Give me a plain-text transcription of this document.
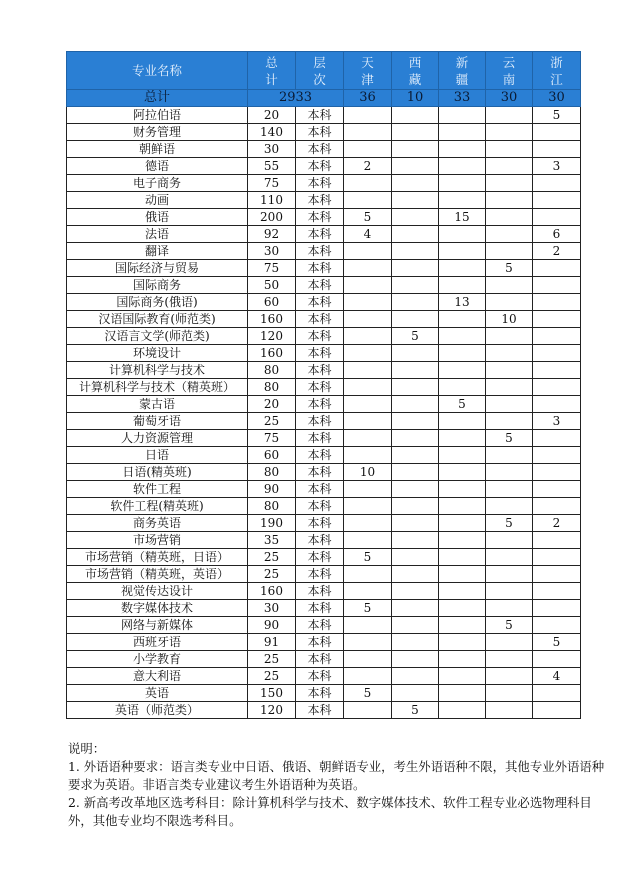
专业名称	总计	层次	天津	西藏	新疆	云南	浙江

总计	2933		36	10	33	30	30
阿拉伯语	20	本科					5
财务管理	140	本科					
朝鲜语	30	本科					
德语	55	本科	2				3
电子商务	75	本科					
动画	110	本科					
俄语	200	本科	5		15		
法语	92	本科	4				6
翻译	30	本科					2
国际经济与贸易	75	本科				5	
国际商务	50	本科					
国际商务(俄语)	60	本科			13		
汉语国际教育(师范类)	160	本科				10	
汉语言文学(师范类)	120	本科		5			
环境设计	160	本科					
计算机科学与技术	80	本科					
计算机科学与技术（精英班）	80	本科					
蒙古语	20	本科			5		
葡萄牙语	25	本科					3
人力资源管理	75	本科				5	
日语	60	本科					
日语(精英班)	80	本科	10				
软件工程	90	本科					
软件工程(精英班)	80	本科					
商务英语	190	本科				5	2
市场营销	35	本科					
市场营销（精英班，日语）	25	本科	5				
市场营销（精英班，英语）	25	本科					
视觉传达设计	160	本科					
数字媒体技术	30	本科	5				
网络与新媒体	90	本科				5	
西班牙语	91	本科					5
小学教育	25	本科					
意大利语	25	本科					4
英语	150	本科	5				
英语（师范类）	120	本科		5			

说明：

1. 外语语种要求：语言类专业中日语、俄语、朝鲜语专业，考生外语语种不限，其他专业外语语种要求为英语。非语言类专业建议考生外语语种为英语。

2. 新高考改革地区选考科目：除计算机科学与技术、数字媒体技术、软件工程专业必选物理科目外，其他专业均不限选考科目。
